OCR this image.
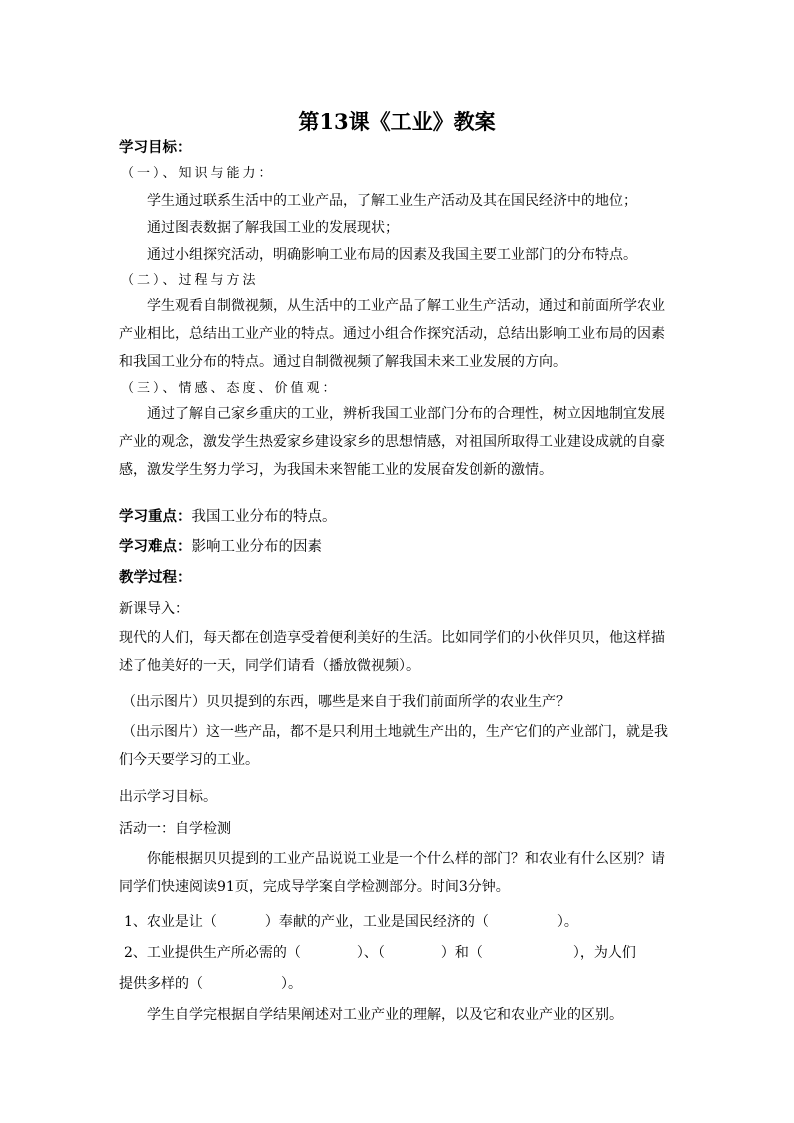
第13课《工业》教案
学习目标：
（一）、知识与能力：
学生通过联系生活中的工业产品，了解工业生产活动及其在国民经济中的地位；
通过图表数据了解我国工业的发展现状；
通过小组探究活动，明确影响工业布局的因素及我国主要工业部门的分布特点。
（二）、过程与方法
学生观看自制微视频，从生活中的工业产品了解工业生产活动，通过和前面所学农业产业相比，总结出工业产业的特点。通过小组合作探究活动，总结出影响工业布局的因素和我国工业分布的特点。通过自制微视频了解我国未来工业发展的方向。
（三）、情感、态度、价值观：
通过了解自己家乡重庆的工业，辨析我国工业部门分布的合理性，树立因地制宜发展产业的观念，激发学生热爱家乡建设家乡的思想情感，对祖国所取得工业建设成就的自豪感，激发学生努力学习，为我国未来智能工业的发展奋发创新的激情。
学习重点：我国工业分布的特点。
学习难点：影响工业分布的因素
教学过程：
新课导入：
现代的人们，每天都在创造享受着便利美好的生活。比如同学们的小伙伴贝贝，他这样描述了他美好的一天，同学们请看（播放微视频）。
（出示图片）贝贝提到的东西，哪些是来自于我们前面所学的农业生产？
（出示图片）这一些产品，都不是只利用土地就生产出的，生产它们的产业部门，就是我们今天要学习的工业。
出示学习目标。
活动一：自学检测
你能根据贝贝提到的工业产品说说工业是一个什么样的部门？和农业有什么区别？请同学们快速阅读91页，完成导学案自学检测部分。时间3分钟。
1、农业是让（	）奉献的产业，工业是国民经济的（	）。
2、工业提供生产所必需的（	）、（	）和（	），为人们
提供多样的（	）。
学生自学完根据自学结果阐述对工业产业的理解，以及它和农业产业的区别。
